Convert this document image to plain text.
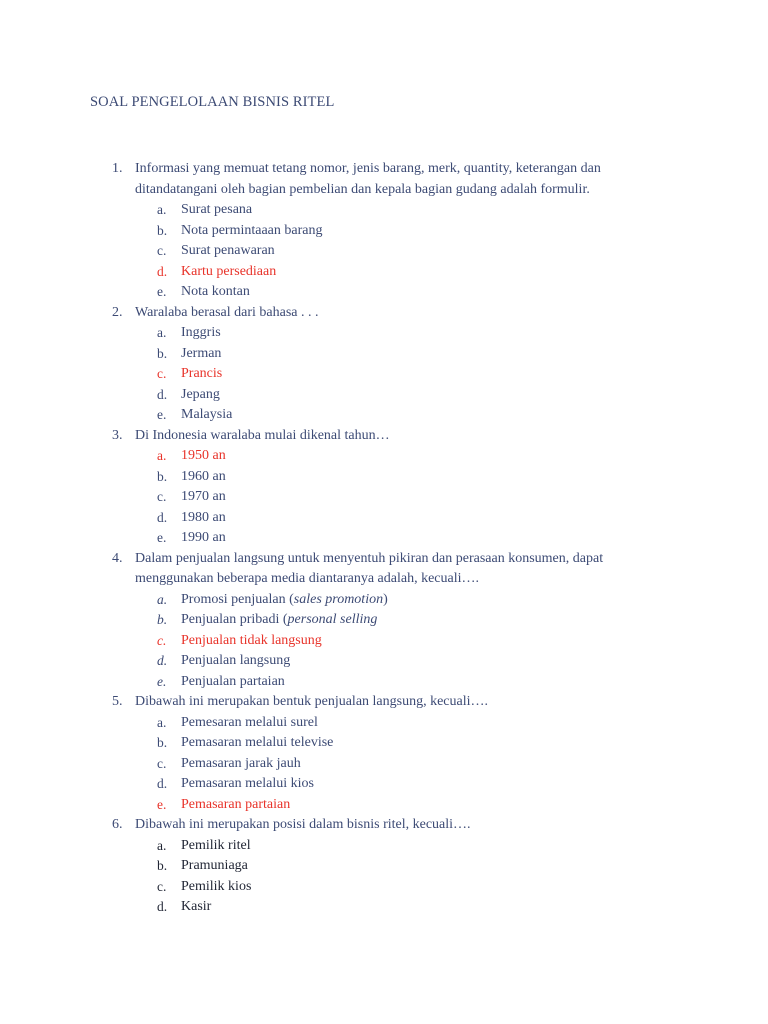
SOAL PENGELOLAAN BISNIS RITEL
1. Informasi yang memuat tetang nomor, jenis barang, merk, quantity, keterangan dan
ditandatangani oleh bagian pembelian dan kepala bagian gudang adalah formulir.
a.	Surat pesana
b. Nota permintaaan barang
c.	Surat penawaran
d. Kartu persediaan
e.	Nota kontan
2. Waralaba berasal dari bahasa . . .
a.	Inggris
b. Jerman
c.	Prancis
d. Jepang
e.	Malaysia
3. Di Indonesia waralaba mulai dikenal tahun…
a.	1950 an
b. 1960 an
c.	1970 an
d. 1980 an
e.	1990 an
4. Dalam penjualan langsung untuk menyentuh pikiran dan perasaan konsumen, dapat
menggunakan beberapa media diantaranya adalah, kecuali….
a. Promosi penjualan (sales promotion)
b. Penjualan pribadi (personal selling
c.	Penjualan tidak langsung
d. Penjualan langsung
e.	Penjualan partaian
5. Dibawah ini merupakan bentuk penjualan langsung, kecuali….
a.	Pemesaran melalui surel
b. Pemasaran melalui televise
c.	Pemasaran jarak jauh
d. Pemasaran melalui kios
e.	Pemasaran partaian
6. Dibawah ini merupakan posisi dalam bisnis ritel, kecuali….
a.	Pemilik ritel
b. Pramuniaga
c.	Pemilik kios
d. Kasir
